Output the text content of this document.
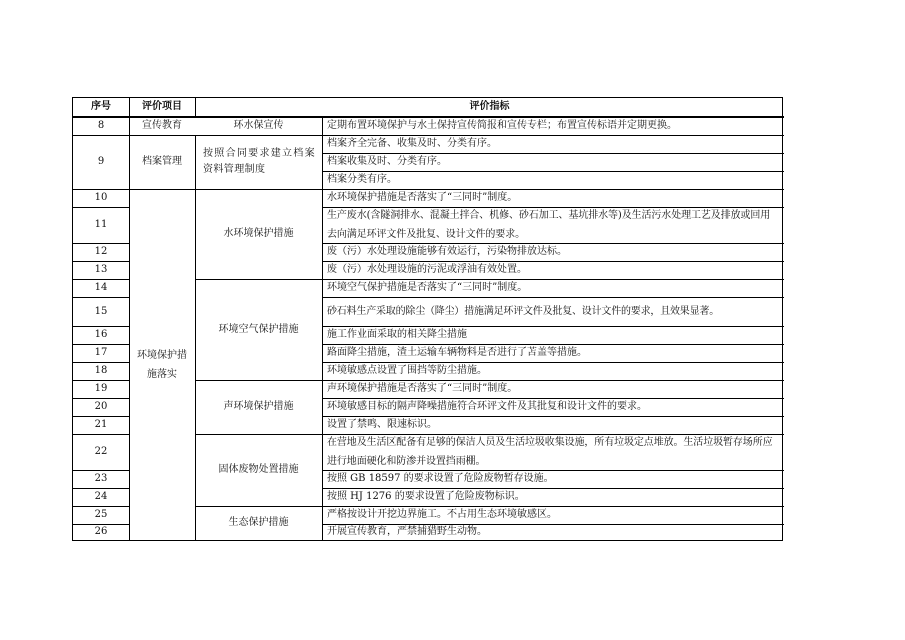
序号	评价项目	评价指标
8
9
10
11
12
13
14
15
16
17
18
19
20
21
22
23
24
25
26
宣传教育
档案管理
环境保护措施落实
环水保宣传
按照合同要求建立档案资料管理制度
水环境保护措施
环境空气保护措施
声环境保护措施
固体废物处置措施
生态保护措施
定期布置环境保护与水土保持宣传简报和宣传专栏；布置宣传标语并定期更换。
档案齐全完备、收集及时、分类有序。
档案收集及时、分类有序。
档案分类有序。
水环境保护措施是否落实了“三同时”制度。
生产废水(含隧洞排水、混凝土拌合、机修、砂石加工、基坑排水等)及生活污水处理工艺及排放或回用去向满足环评文件及批复、设计文件的要求。
废（污）水处理设施能够有效运行，污染物排放达标。
废（污）水处理设施的污泥或浮油有效处置。
环境空气保护措施是否落实了“三同时”制度。
砂石料生产采取的除尘（降尘）措施满足环评文件及批复、设计文件的要求，且效果显著。
施工作业面采取的相关降尘措施
路面降尘措施，渣土运输车辆物料是否进行了苫盖等措施。
环境敏感点设置了围挡等防尘措施。
声环境保护措施是否落实了“三同时”制度。
环境敏感目标的隔声降噪措施符合环评文件及其批复和设计文件的要求。
设置了禁鸣、限速标识。
在营地及生活区配备有足够的保洁人员及生活垃圾收集设施，所有垃圾定点堆放。生活垃圾暂存场所应进行地面硬化和防渗并设置挡雨棚。
按照 GB 18597 的要求设置了危险废物暂存设施。
按照 HJ 1276 的要求设置了危险废物标识。
严格按设计开挖边界施工。不占用生态环境敏感区。
开展宣传教育，严禁捕猎野生动物。
